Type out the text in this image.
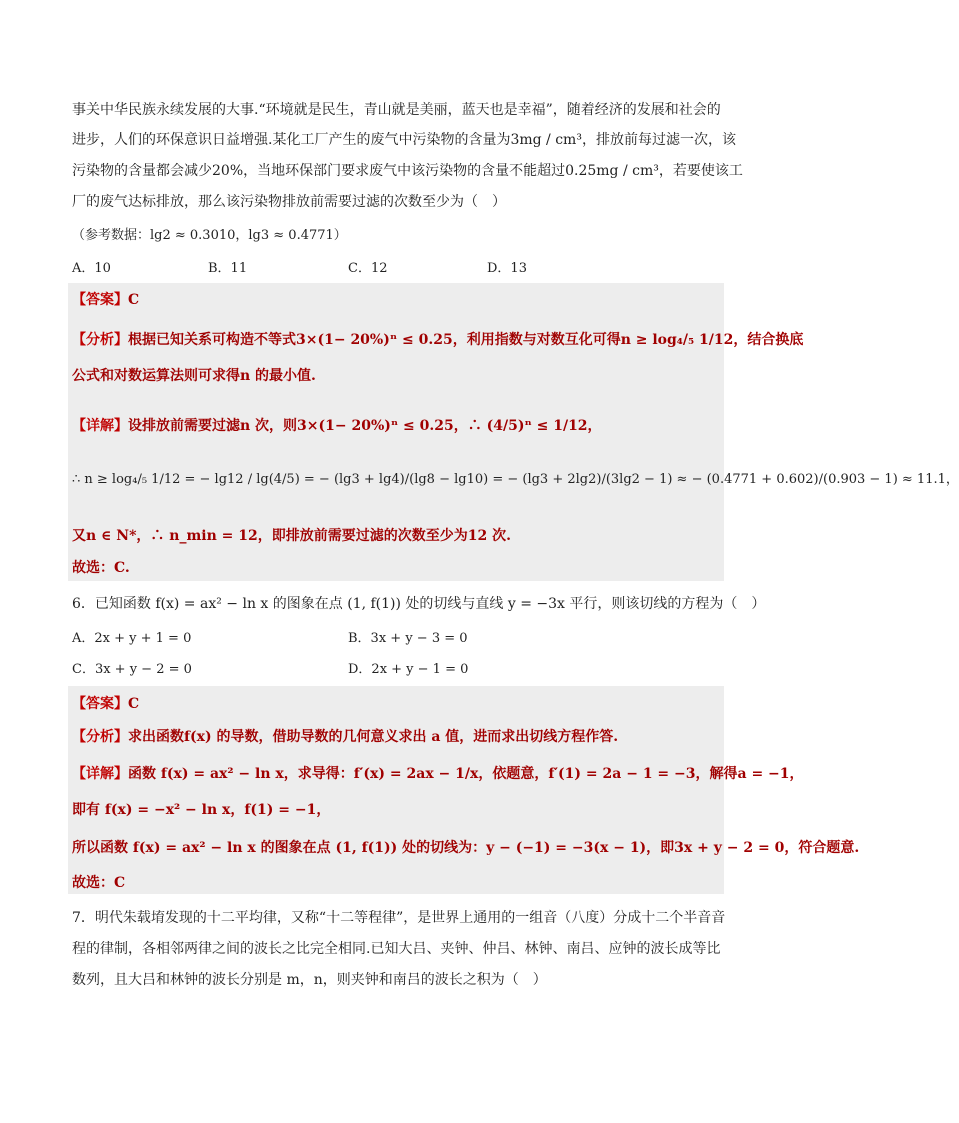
事关中华民族永续发展的大事.“环境就是民生，青山就是美丽，蓝天也是幸福”，随着经济的发展和社会的
进步，人们的环保意识日益增强.某化工厂产生的废气中污染物的含量为3mg / cm³，排放前每过滤一次，该
污染物的含量都会减少20%，当地环保部门要求废气中该污染物的含量不能超过0.25mg / cm³，若要使该工
厂的废气达标排放，那么该污染物排放前需要过滤的次数至少为（　）
（参考数据：lg2 ≈ 0.3010，lg3 ≈ 0.4771）
A．10	B．11	C．12	D．13
【答案】C
【分析】根据已知关系可构造不等式3×(1− 20%)ⁿ ≤ 0.25，利用指数与对数互化可得n ≥ log₄/₅ 1/12，结合换底
公式和对数运算法则可求得n 的最小值.
【详解】设排放前需要过滤n 次，则3×(1− 20%)ⁿ ≤ 0.25，∴ (4/5)ⁿ ≤ 1/12，
∴ n ≥ log₄/₅ 1/12 = − lg12 / lg(4/5) = − (lg3 + lg4)/(lg8 − lg10) = − (lg3 + 2lg2)/(3lg2 − 1) ≈ − (0.4771 + 0.602)/(0.903 − 1) ≈ 11.1，
又n ∈ N*，∴ n_min = 12，即排放前需要过滤的次数至少为12 次.
故选：C.
6．已知函数 f(x) = ax² − ln x 的图象在点 (1, f(1)) 处的切线与直线 y = −3x 平行，则该切线的方程为（　）
A．2x + y + 1 = 0	B．3x + y − 3 = 0
C．3x + y − 2 = 0	D．2x + y − 1 = 0
【答案】C
【分析】求出函数f(x) 的导数，借助导数的几何意义求出 a 值，进而求出切线方程作答.
【详解】函数 f(x) = ax² − ln x，求导得：f′(x) = 2ax − 1/x，依题意，f′(1) = 2a − 1 = −3，解得a = −1，
即有 f(x) = −x² − ln x，f(1) = −1，
所以函数 f(x) = ax² − ln x 的图象在点 (1, f(1)) 处的切线为：y − (−1) = −3(x − 1)，即3x + y − 2 = 0，符合题意.
故选：C
7．明代朱载堉发现的十二平均律，又称“十二等程律”，是世界上通用的一组音（八度）分成十二个半音音
程的律制，各相邻两律之间的波长之比完全相同.已知大吕、夹钟、仲吕、林钟、南吕、应钟的波长成等比
数列，且大吕和林钟的波长分别是 m，n，则夹钟和南吕的波长之积为（　）
